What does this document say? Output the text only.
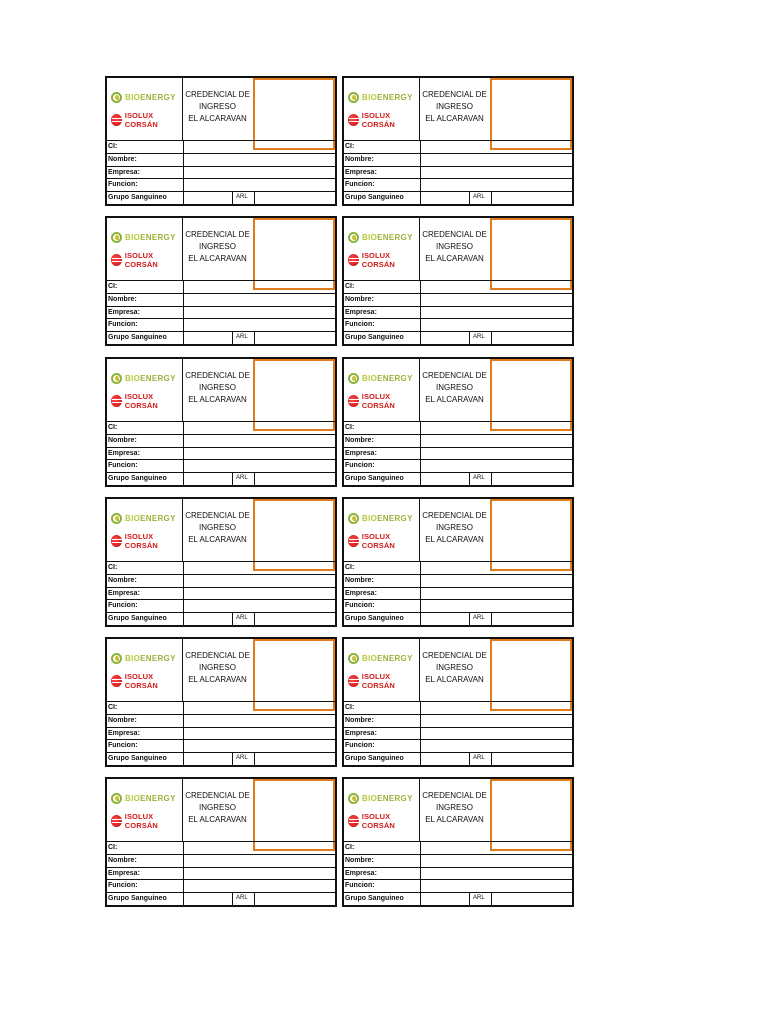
BIOENERGY
ISOLUX CORSÁN
CREDENCIAL DE
INGRESO
EL ALCARAVAN
CI:
Nombre:
Empresa:
Funcion:
Grupo Sanguineo	ARL
BIOENERGY
ISOLUX CORSÁN
CREDENCIAL DE
INGRESO
EL ALCARAVAN
CI:
Nombre:
Empresa:
Funcion:
Grupo Sanguineo	ARL
BIOENERGY
ISOLUX CORSÁN
CREDENCIAL DE
INGRESO
EL ALCARAVAN
CI:
Nombre:
Empresa:
Funcion:
Grupo Sanguineo	ARL
BIOENERGY
ISOLUX CORSÁN
CREDENCIAL DE
INGRESO
EL ALCARAVAN
CI:
Nombre:
Empresa:
Funcion:
Grupo Sanguineo	ARL
BIOENERGY
ISOLUX CORSÁN
CREDENCIAL DE
INGRESO
EL ALCARAVAN
CI:
Nombre:
Empresa:
Funcion:
Grupo Sanguineo	ARL
BIOENERGY
ISOLUX CORSÁN
CREDENCIAL DE
INGRESO
EL ALCARAVAN
CI:
Nombre:
Empresa:
Funcion:
Grupo Sanguineo	ARL
BIOENERGY
ISOLUX CORSÁN
CREDENCIAL DE
INGRESO
EL ALCARAVAN
CI:
Nombre:
Empresa:
Funcion:
Grupo Sanguineo	ARL
BIOENERGY
ISOLUX CORSÁN
CREDENCIAL DE
INGRESO
EL ALCARAVAN
CI:
Nombre:
Empresa:
Funcion:
Grupo Sanguineo	ARL
BIOENERGY
ISOLUX CORSÁN
CREDENCIAL DE
INGRESO
EL ALCARAVAN
CI:
Nombre:
Empresa:
Funcion:
Grupo Sanguineo	ARL
BIOENERGY
ISOLUX CORSÁN
CREDENCIAL DE
INGRESO
EL ALCARAVAN
CI:
Nombre:
Empresa:
Funcion:
Grupo Sanguineo	ARL
BIOENERGY
ISOLUX CORSÁN
CREDENCIAL DE
INGRESO
EL ALCARAVAN
CI:
Nombre:
Empresa:
Funcion:
Grupo Sanguineo	ARL
BIOENERGY
ISOLUX CORSÁN
CREDENCIAL DE
INGRESO
EL ALCARAVAN
CI:
Nombre:
Empresa:
Funcion:
Grupo Sanguineo	ARL
